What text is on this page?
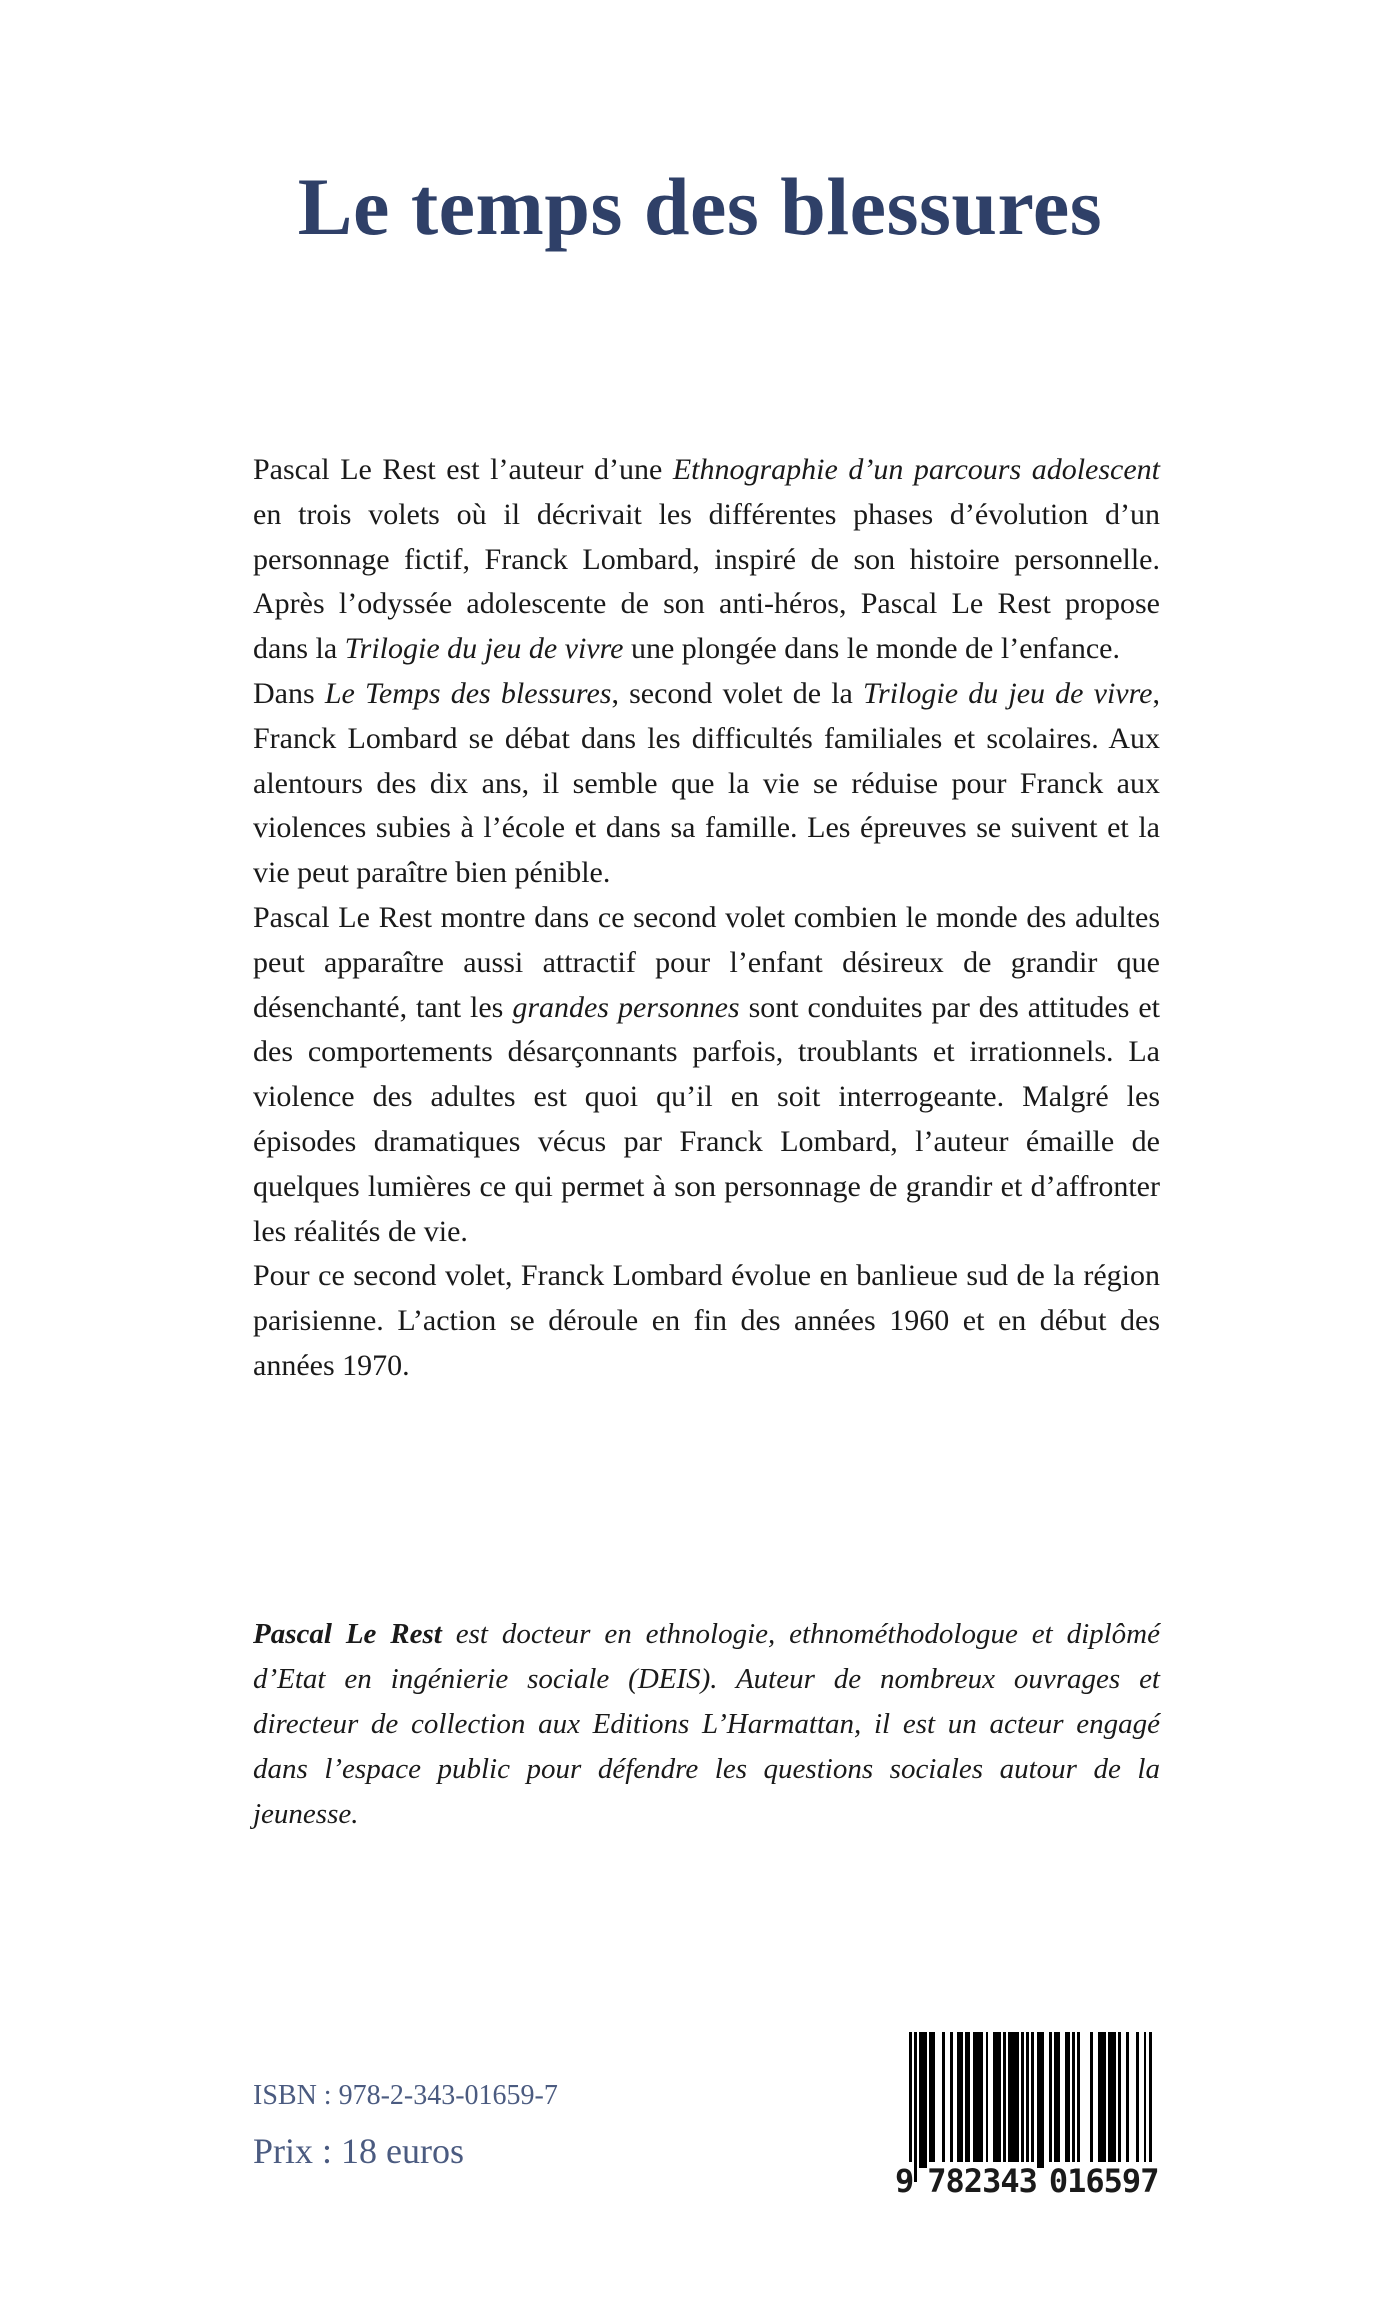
Le temps des blessures

Pascal Le Rest est l’auteur d’une Ethnographie d’un parcours adolescent en trois volets où il décrivait les différentes phases d’évolution d’un personnage fictif, Franck Lombard, inspiré de son histoire personnelle. Après l’odyssée adolescente de son anti-héros, Pascal Le Rest propose dans la Trilogie du jeu de vivre une plongée dans le monde de l’enfance.

Dans Le Temps des blessures, second volet de la Trilogie du jeu de vivre, Franck Lombard se débat dans les difficultés familiales et scolaires. Aux alentours des dix ans, il semble que la vie se réduise pour Franck aux violences subies à l’école et dans sa famille. Les épreuves se suivent et la vie peut paraître bien pénible.

Pascal Le Rest montre dans ce second volet combien le monde des adultes peut apparaître aussi attractif pour l’enfant désireux de grandir que désenchanté, tant les grandes personnes sont conduites par des attitudes et des comportements désarçonnants parfois, troublants et irrationnels. La violence des adultes est quoi qu’il en soit interrogeante. Malgré les épisodes dramatiques vécus par Franck Lombard, l’auteur émaille de quelques lumières ce qui permet à son personnage de grandir et d’affronter les réalités de vie.

Pour ce second volet, Franck Lombard évolue en banlieue sud de la région parisienne. L’action se déroule en fin des années 1960 et en début des années 1970.

Pascal Le Rest est docteur en ethnologie, ethnométhodologue et diplômé d’Etat en ingénierie sociale (DEIS). Auteur de nombreux ouvrages et directeur de collection aux Editions L’Harmattan, il est un acteur engagé dans l’espace public pour défendre les questions sociales autour de la jeunesse.
ISBN : 978-2-343-01659-7
Prix : 18 euros
9 782343 016597
